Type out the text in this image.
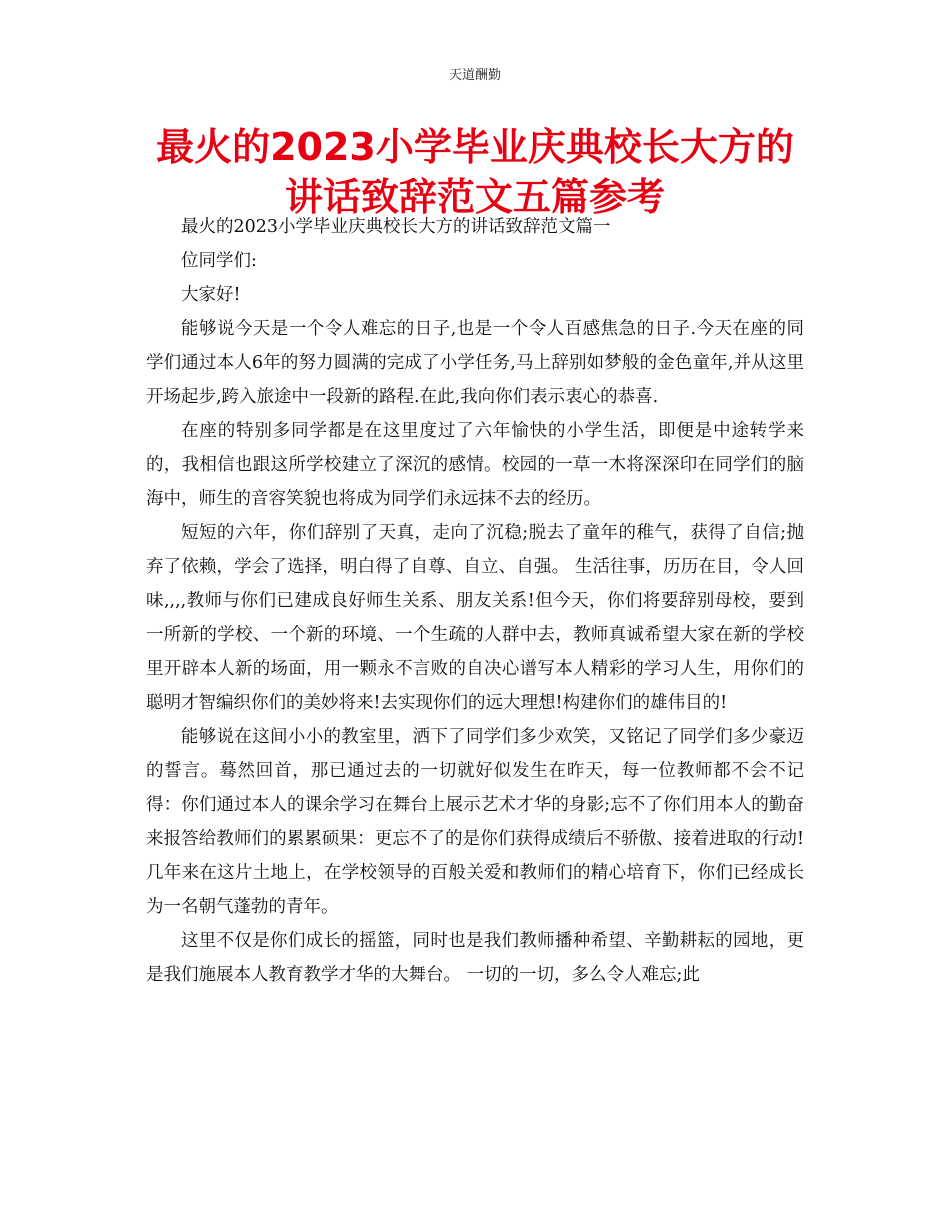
天道酬勤
最火的2023小学毕业庆典校长大方的讲话致辞范文五篇参考

最火的2023小学毕业庆典校长大方的讲话致辞范文篇一

位同学们:

大家好!

能够说今天是一个令人难忘的日子,也是一个令人百感焦急的日子.今天在座的同学们通过本人6年的努力圆满的完成了小学任务,马上辞别如梦般的金色童年,并从这里开场起步,跨入旅途中一段新的路程.在此,我向你们表示衷心的恭喜.

在座的特别多同学都是在这里度过了六年愉快的小学生活，即便是中途转学来的，我相信也跟这所学校建立了深沉的感情。校园的一草一木将深深印在同学们的脑海中，师生的音容笑貌也将成为同学们永远抹不去的经历。

短短的六年，你们辞别了天真，走向了沉稳;脱去了童年的稚气，获得了自信;抛弃了依赖，学会了选择，明白得了自尊、自立、自强。 生活往事，历历在目，令人回味,,,,教师与你们已建成良好师生关系、朋友关系!但今天，你们将要辞别母校，要到一所新的学校、一个新的环境、一个生疏的人群中去，教师真诚希望大家在新的学校里开辟本人新的场面，用一颗永不言败的自决心谱写本人精彩的学习人生，用你们的聪明才智编织你们的美妙将来!去实现你们的远大理想!构建你们的雄伟目的!

能够说在这间小小的教室里，洒下了同学们多少欢笑，又铭记了同学们多少豪迈的誓言。蓦然回首，那已通过去的一切就好似发生在昨天，每一位教师都不会不记得：你们通过本人的课余学习在舞台上展示艺术才华的身影;忘不了你们用本人的勤奋来报答给教师们的累累硕果：更忘不了的是你们获得成绩后不骄傲、接着进取的行动!几年来在这片土地上，在学校领导的百般关爱和教师们的精心培育下，你们已经成长为一名朝气蓬勃的青年。

这里不仅是你们成长的摇篮，同时也是我们教师播种希望、辛勤耕耘的园地，更是我们施展本人教育教学才华的大舞台。 一切的一切，多么令人难忘;此
